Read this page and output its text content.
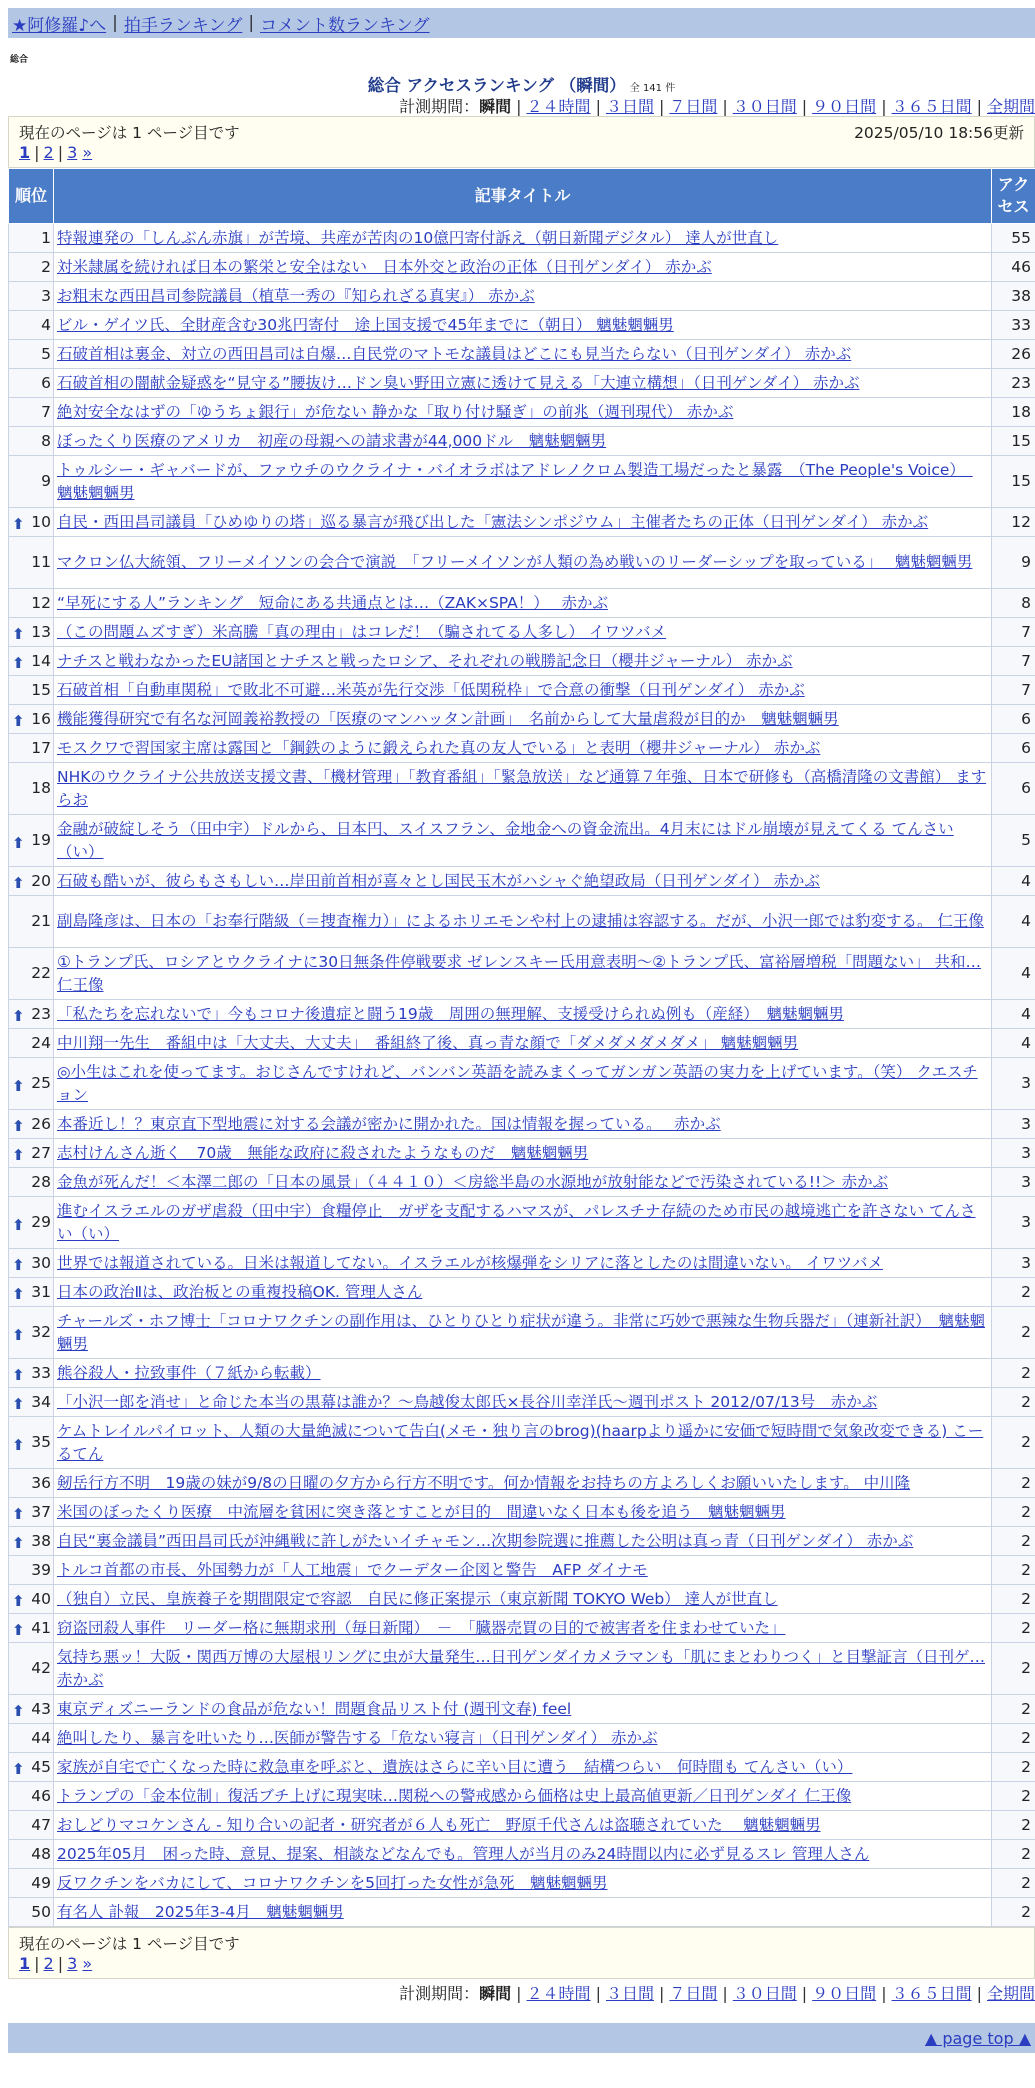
★阿修羅♪へ | 拍手ランキング | コメント数ランキング
総合
総合 アクセスランキング （瞬間） 全 141 件
計測期間：瞬間 | ２４時間 | ３日間 | ７日間 | ３０日間 | ９０日間 | ３６５日間 | 全期間
現在のページは 1 ページ目です	2025/05/10 18:56更新
1 | 2 | 3 »
順位	記事タイトル	アクセス
1	特報連発の「しんぶん赤旗」が苦境、共産が苦肉の10億円寄付訴え（朝日新聞デジタル） 達人が世直し	55
2	対米隷属を続ければ日本の繁栄と安全はない　日本外交と政治の正体（日刊ゲンダイ） 赤かぶ	46
3	お粗末な西田昌司参院議員（植草一秀の『知られざる真実』） 赤かぶ	38
4	ビル・ゲイツ氏、全財産含む30兆円寄付　途上国支援で45年までに（朝日） 魑魅魍魎男	33
5	石破首相は裏金、対立の西田昌司は自爆…自民党のマトモな議員はどこにも見当たらない（日刊ゲンダイ） 赤かぶ	26
6	石破首相の闇献金疑惑を“見守る”腰抜け…ドン臭い野田立憲に透けて見える「大連立構想」（日刊ゲンダイ） 赤かぶ	23
7	絶対安全なはずの「ゆうちょ銀行」が危ない 静かな「取り付け騒ぎ」の前兆（週刊現代） 赤かぶ	18
8	ぼったくり医療のアメリカ　初産の母親への請求書が44,000ドル　魑魅魍魎男	15
9	トゥルシー・ギャバードが、ファウチのウクライナ・バイオラボはアドレノクロム製造工場だったと暴露　（The People's Voice）　魑魅魍魎男	15

⬆ 10	自民・西田昌司議員「ひめゆりの塔」巡る暴言が飛び出した「憲法シンポジウム」主催者たちの正体（日刊ゲンダイ） 赤かぶ	12
11	マクロン仏大統領、フリーメイソンの会合で演説　「フリーメイソンが人類の為め戦いのリーダーシップを取っている」　 魑魅魍魎男	9
12	“早死にする人”ランキング　短命にある共通点とは…（ZAK×SPA！）　 赤かぶ	8

⬆ 13	（この問題ムズすぎ）米高騰「真の理由」はコレだ！（騙されてる人多し） イワツバメ	7

⬆ 14	ナチスと戦わなかったEU諸国とナチスと戦ったロシア、それぞれの戦勝記念日（櫻井ジャーナル） 赤かぶ	7
15	石破首相「自動車関税」で敗北不可避…米英が先行交渉「低関税枠」で合意の衝撃（日刊ゲンダイ） 赤かぶ	7

⬆ 16	機能獲得研究で有名な河岡義裕教授の「医療のマンハッタン計画」　名前からして大量虐殺が目的か　魑魅魍魎男	6
17	モスクワで習国家主席は露国と「鋼鉄のように鍛えられた真の友人でいる」と表明（櫻井ジャーナル） 赤かぶ	6
18	NHKのウクライナ公共放送支援文書、「機材管理」「教育番組」「緊急放送」など通算７年強、日本で研修も（高橋清隆の文書館） ますらお	6

⬆ 19	金融が破綻しそう（田中宇）ドルから、日本円、スイスフラン、金地金への資金流出。4月末にはドル崩壊が見えてくる てんさい（い）	5

⬆ 20	石破も酷いが、彼らもさもしい…岸田前首相が喜々とし国民玉木がハシャぐ絶望政局（日刊ゲンダイ） 赤かぶ	4
21	副島隆彦は、日本の「お奉行階級（＝捜査権力）」によるホリエモンや村上の逮捕は容認する。だが、小沢一郎では豹変する。 仁王像	4
22	①トランプ氏、ロシアとウクライナに30日無条件停戦要求 ゼレンスキー氏用意表明～②トランプ氏、富裕層増税「問題ない」 共和… 仁王像	4

⬆ 23	「私たちを忘れないで」今もコロナ後遺症と闘う19歳　周囲の無理解、支援受けられぬ例も（産経）　魑魅魍魎男	4
24	中川翔一先生　番組中は「大丈夫、大丈夫」　番組終了後、真っ青な顔で「ダメダメダメダメ」 魑魅魍魎男	4

⬆ 25	◎小生はこれを使ってます。おじさんですけれど、バンバン英語を読みまくってガンガン英語の実力を上げています。（笑） クエスチョン	3

⬆ 26	本番近し！？東京直下型地震に対する会議が密かに開かれた。国は情報を握っている。　 赤かぶ	3

⬆ 27	志村けんさん逝く　70歳　無能な政府に殺されたようなものだ　魑魅魍魎男	3
28	金魚が死んだ！＜本澤二郎の「日本の風景」（４４１０）＜房総半島の水源地が放射能などで汚染されている!!＞ 赤かぶ	3

⬆ 29	進むイスラエルのガザ虐殺（田中宇）食糧停止　ガザを支配するハマスが、パレスチナ存続のため市民の越境逃亡を許さない てんさい（い）	3

⬆ 30	世界では報道されている。日米は報道してない。イスラエルが核爆弾をシリアに落としたのは間違いない。 イワツバメ	3

⬆ 31	日本の政治Ⅱは、政治板との重複投稿OK. 管理人さん	2

⬆ 32	チャールズ・ホフ博士「コロナワクチンの副作用は、ひとりひとり症状が違う。非常に巧妙で悪辣な生物兵器だ」（連新社訳）　魑魅魍魎男	2

⬆ 33	熊谷殺人・拉致事件（７紙から転載）	2

⬆ 34	「小沢一郎を消せ」と命じた本当の黒幕は誰か？～鳥越俊太郎氏×長谷川幸洋氏～週刊ポスト 2012/07/13号　赤かぶ	2

⬆ 35	ケムトレイルパイロット、人類の大量絶滅について告白(メモ・独り言のbrog)(haarpより遥かに安価で短時間で気象改変できる) こーるてん	2
36	剱岳行方不明　19歳の妹が9/8の日曜の夕方から行方不明です。何か情報をお持ちの方よろしくお願いいたします。 中川隆	2

⬆ 37	米国のぼったくり医療　中流層を貧困に突き落とすことが目的　間違いなく日本も後を追う　魑魅魍魎男	2

⬆ 38	自民“裏金議員”西田昌司氏が沖縄戦に許しがたいイチャモン…次期参院選に推薦した公明は真っ青（日刊ゲンダイ） 赤かぶ	2
39	トルコ首都の市長、外国勢力が「人工地震」でクーデター企図と警告　AFP ダイナモ	2

⬆ 40	（独自）立民、皇族養子を期間限定で容認　自民に修正案提示（東京新聞 TOKYO Web） 達人が世直し	2

⬆ 41	窃盗団殺人事件　リーダー格に無期求刑（毎日新聞）　－　「臓器売買の目的で被害者を住まわせていた」	2
42	気持ち悪ッ！大阪・関西万博の大屋根リングに虫が大量発生…日刊ゲンダイカメラマンも「肌にまとわりつく」と目撃証言（日刊ゲ… 赤かぶ	2

⬆ 43	東京ディズニーランドの食品が危ない！問題食品リスト付 (週刊文春) feel	2
44	絶叫したり、暴言を吐いたり…医師が警告する「危ない寝言」（日刊ゲンダイ） 赤かぶ	2

⬆ 45	家族が自宅で亡くなった時に救急車を呼ぶと、遺族はさらに辛い目に遭う　結構つらい　何時間も てんさい（い）	2
46	トランプの「金本位制」復活ブチ上げに現実味…関税への警戒感から価格は史上最高値更新／日刊ゲンダイ 仁王像	2
47	おしどりマコケンさん - 知り合いの記者・研究者が６人も死亡　野原千代さんは盗聴されていた　 魑魅魍魎男	2
48	2025年05月　困った時、意見、提案、相談などなんでも。管理人が当月のみ24時間以内に必ず見るスレ 管理人さん	2
49	反ワクチンをバカにして、コロナワクチンを5回打った女性が急死　魑魅魍魎男	2
50	有名人 訃報　2025年3-4月　魑魅魍魎男	2
現在のページは 1 ページ目です
1 | 2 | 3 »
計測期間：瞬間 | ２４時間 | ３日間 | ７日間 | ３０日間 | ９０日間 | ３６５日間 | 全期間
▲ page top ▲
